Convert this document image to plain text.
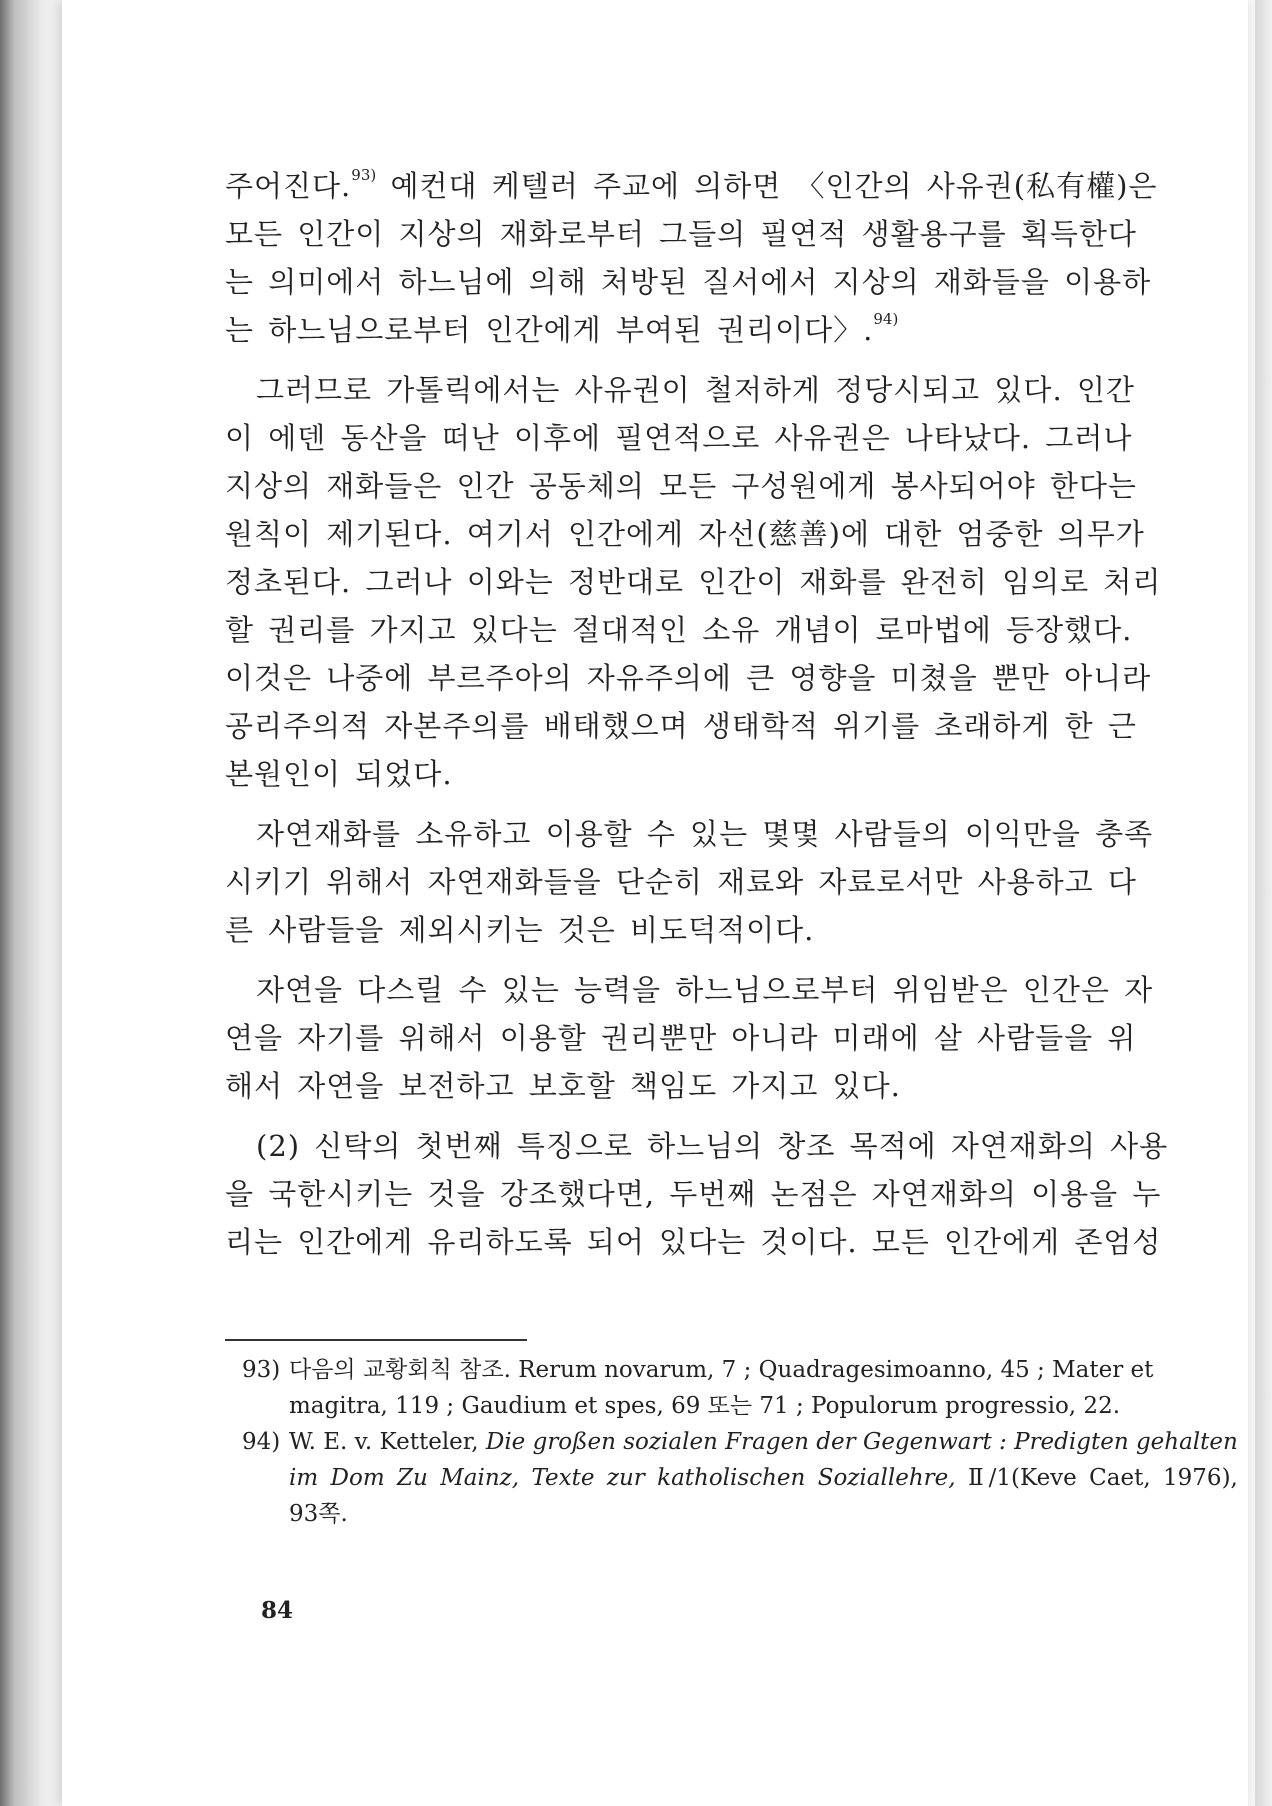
주어진다.$^{93)}$ 예컨대 케텔러 주교에 의하면 〈인간의 사유권(私有權)은
모든 인간이 지상의 재화로부터 그들의 필연적 생활용구를 획득한다
는 의미에서 하느님에 의해 처방된 질서에서 지상의 재화들을 이용하
는 하느님으로부터 인간에게 부여된 권리이다〉.$^{94)}$
그러므로 가톨릭에서는 사유권이 철저하게 정당시되고 있다. 인간
이 에덴 동산을 떠난 이후에 필연적으로 사유권은 나타났다. 그러나
지상의 재화들은 인간 공동체의 모든 구성원에게 봉사되어야 한다는
원칙이 제기된다. 여기서 인간에게 자선(慈善)에 대한 엄중한 의무가
정초된다. 그러나 이와는 정반대로 인간이 재화를 완전히 임의로 처리
할 권리를 가지고 있다는 절대적인 소유 개념이 로마법에 등장했다.
이것은 나중에 부르주아의 자유주의에 큰 영향을 미쳤을 뿐만 아니라
공리주의적 자본주의를 배태했으며 생태학적 위기를 초래하게 한 근
본원인이 되었다.
자연재화를 소유하고 이용할 수 있는 몇몇 사람들의 이익만을 충족
시키기 위해서 자연재화들을 단순히 재료와 자료로서만 사용하고 다
른 사람들을 제외시키는 것은 비도덕적이다.
자연을 다스릴 수 있는 능력을 하느님으로부터 위임받은 인간은 자
연을 자기를 위해서 이용할 권리뿐만 아니라 미래에 살 사람들을 위
해서 자연을 보전하고 보호할 책임도 가지고 있다.
(2) 신탁의 첫번째 특징으로 하느님의 창조 목적에 자연재화의 사용
을 국한시키는 것을 강조했다면, 두번째 논점은 자연재화의 이용을 누
리는 인간에게 유리하도록 되어 있다는 것이다. 모든 인간에게 존엄성
93) 다음의 교황회칙 참조. Rerum novarum, 7 ; Quadragesimoanno, 45 ; Mater et
magitra, 119 ; Gaudium et spes, 69 또는 71 ; Populorum progressio, 22.
94) W. E. v. Ketteler, Die großen sozialen Fragen der Gegenwart : Predigten gehalten
im Dom Zu Mainz, Texte zur katholischen Soziallehre, Ⅱ/1(Keve Caet, 1976),
93쪽.
84
